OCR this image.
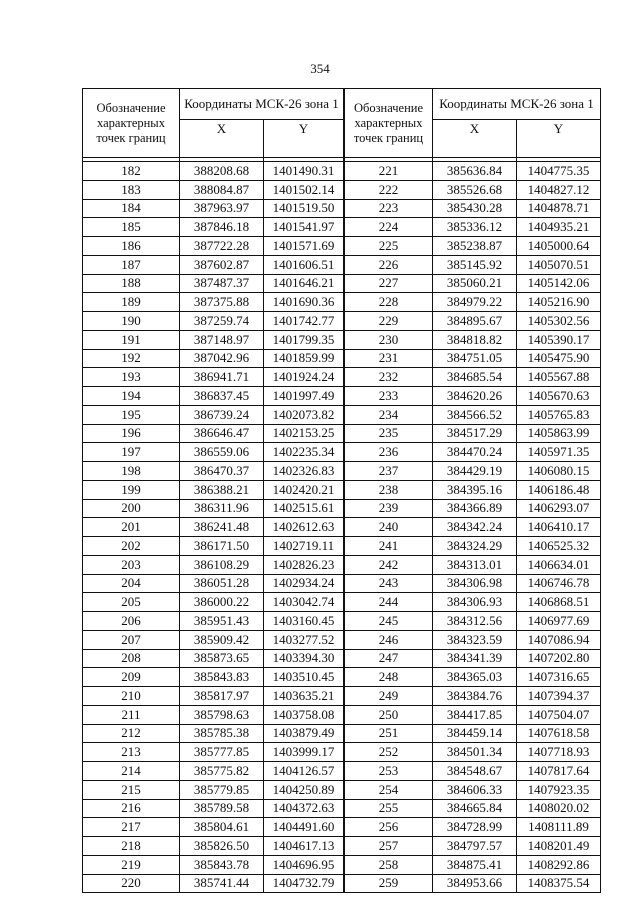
354
Обозначение характерных точек границ	Координаты МСК-26 зона 1	
	X	Y

182	388208.68	1401490.31
183	388084.87	1401502.14
184	387963.97	1401519.50
185	387846.18	1401541.97
186	387722.28	1401571.69
187	387602.87	1401606.51
188	387487.37	1401646.21
189	387375.88	1401690.36
190	387259.74	1401742.77
191	387148.97	1401799.35
192	387042.96	1401859.99
193	386941.71	1401924.24
194	386837.45	1401997.49
195	386739.24	1402073.82
196	386646.47	1402153.25
197	386559.06	1402235.34
198	386470.37	1402326.83
199	386388.21	1402420.21
200	386311.96	1402515.61
201	386241.48	1402612.63
202	386171.50	1402719.11
203	386108.29	1402826.23
204	386051.28	1402934.24
205	386000.22	1403042.74
206	385951.43	1403160.45
207	385909.42	1403277.52
208	385873.65	1403394.30
209	385843.83	1403510.45
210	385817.97	1403635.21
211	385798.63	1403758.08
212	385785.38	1403879.49
213	385777.85	1403999.17
214	385775.82	1404126.57
215	385779.85	1404250.89
216	385789.58	1404372.63
217	385804.61	1404491.60
218	385826.50	1404617.13
219	385843.78	1404696.95
220	385741.44	1404732.79
Обозначение характерных точек границ	Координаты МСК-26 зона 1	
	X	Y

221	385636.84	1404775.35
222	385526.68	1404827.12
223	385430.28	1404878.71
224	385336.12	1404935.21
225	385238.87	1405000.64
226	385145.92	1405070.51
227	385060.21	1405142.06
228	384979.22	1405216.90
229	384895.67	1405302.56
230	384818.82	1405390.17
231	384751.05	1405475.90
232	384685.54	1405567.88
233	384620.26	1405670.63
234	384566.52	1405765.83
235	384517.29	1405863.99
236	384470.24	1405971.35
237	384429.19	1406080.15
238	384395.16	1406186.48
239	384366.89	1406293.07
240	384342.24	1406410.17
241	384324.29	1406525.32
242	384313.01	1406634.01
243	384306.98	1406746.78
244	384306.93	1406868.51
245	384312.56	1406977.69
246	384323.59	1407086.94
247	384341.39	1407202.80
248	384365.03	1407316.65
249	384384.76	1407394.37
250	384417.85	1407504.07
251	384459.14	1407618.58
252	384501.34	1407718.93
253	384548.67	1407817.64
254	384606.33	1407923.35
255	384665.84	1408020.02
256	384728.99	1408111.89
257	384797.57	1408201.49
258	384875.41	1408292.86
259	384953.66	1408375.54
